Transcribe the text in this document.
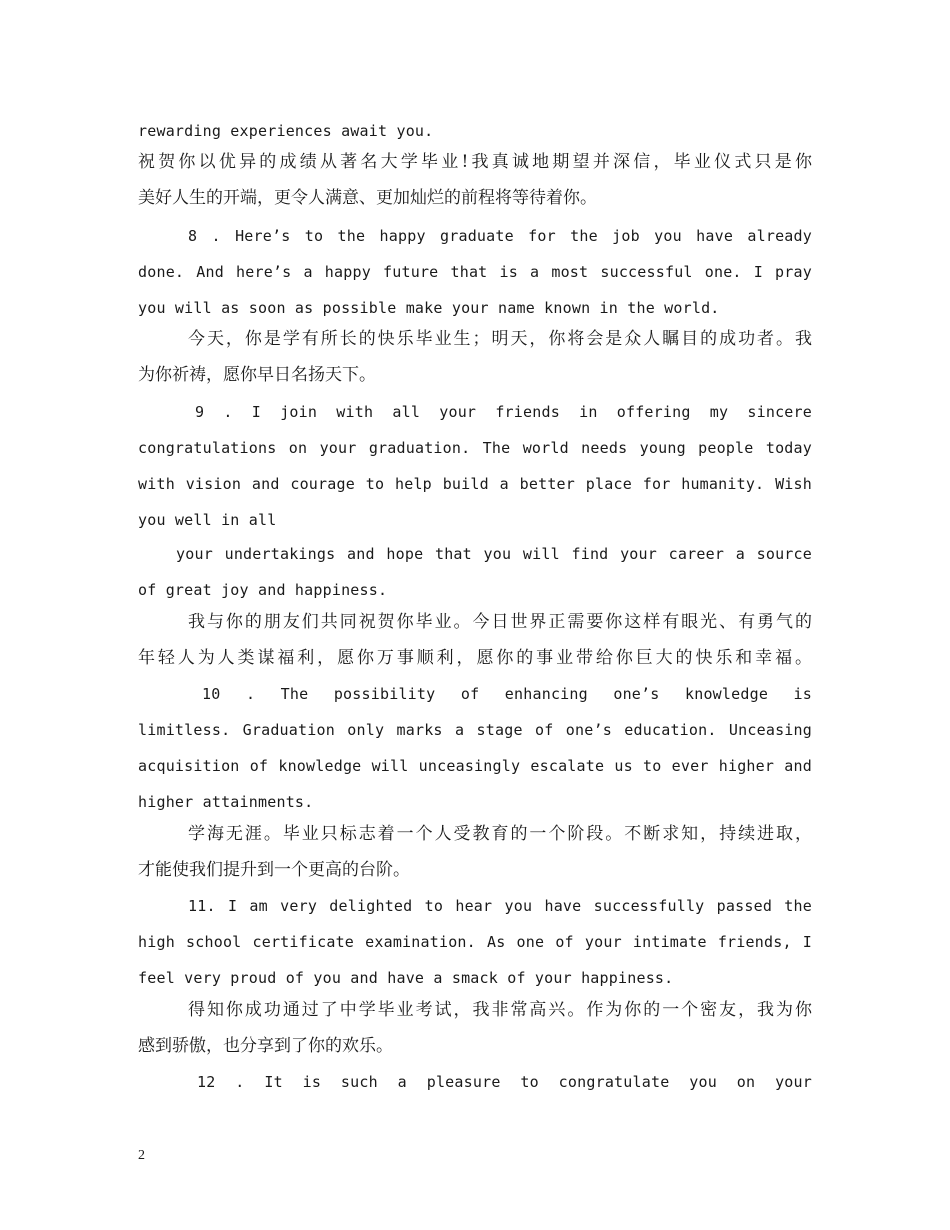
rewarding experiences await you.
祝贺你以优异的成绩从著名大学毕业!我真诚地期望并深信，毕业仪式只是你
美好人生的开端，更令人满意、更加灿烂的前程将等待着你。
8 . Here’s to the happy graduate for the job you have already
done. And here’s a happy future that is a most successful one. I pray
you will as soon as possible make your name known in the world.
今天，你是学有所长的快乐毕业生；明天，你将会是众人瞩目的成功者。我
为你祈祷，愿你早日名扬天下。
9 . I join with all your friends in offering my sincere
congratulations on your graduation. The world needs young people today
with vision and courage to help build a better place for humanity. Wish
you well in all
your undertakings and hope that you will find your career a source
of great joy and happiness.
我与你的朋友们共同祝贺你毕业。今日世界正需要你这样有眼光、有勇气的
年轻人为人类谋福利，愿你万事顺利，愿你的事业带给你巨大的快乐和幸福。
10 . The possibility of enhancing one’s knowledge is
limitless. Graduation only marks a stage of one’s education. Unceasing
acquisition of knowledge will unceasingly escalate us to ever higher and
higher attainments.
学海无涯。毕业只标志着一个人受教育的一个阶段。不断求知，持续进取，
才能使我们提升到一个更高的台阶。
11. I am very delighted to hear you have successfully passed the
high school certificate examination. As one of your intimate friends, I
feel very proud of you and have a smack of your happiness.
得知你成功通过了中学毕业考试，我非常高兴。作为你的一个密友，我为你
感到骄傲，也分享到了你的欢乐。
12 . It is such a pleasure to congratulate you on your
2
